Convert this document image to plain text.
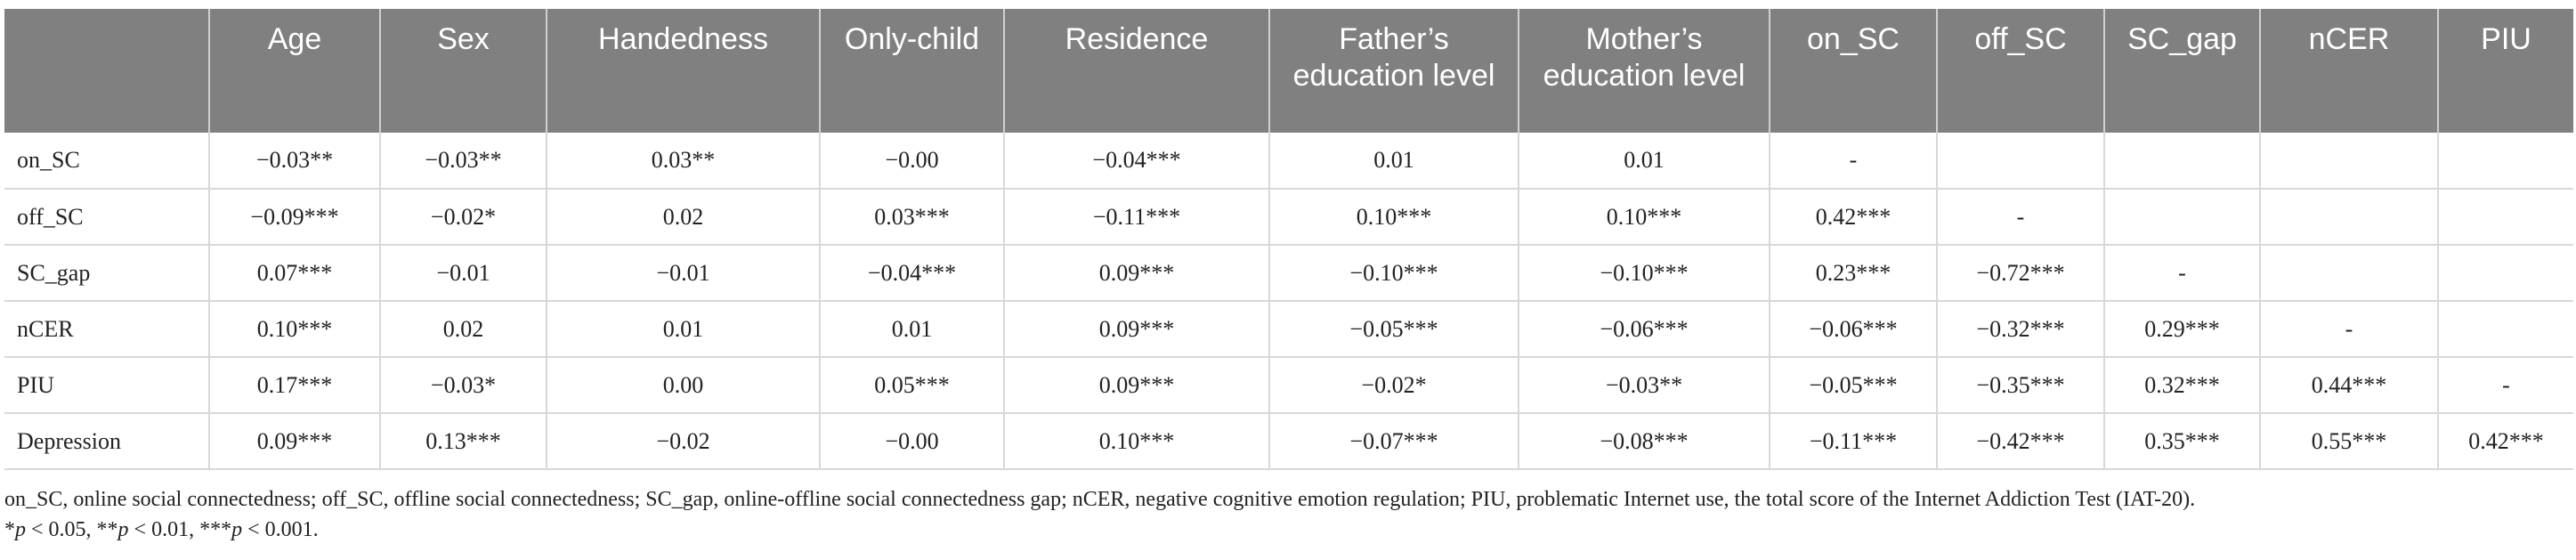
	Age	Sex	Handedness	Only-child	Residence	Father’s education level	Mother’s education level	on_SC	off_SC	SC_gap	nCER	PIU
on_SC	−0.03**	−0.03**	0.03**	−0.00	−0.04***	0.01	0.01	-				
off_SC	−0.09***	−0.02*	0.02	0.03***	−0.11***	0.10***	0.10***	0.42***	-			
SC_gap	0.07***	−0.01	−0.01	−0.04***	0.09***	−0.10***	−0.10***	0.23***	−0.72***	-		
nCER	0.10***	0.02	0.01	0.01	0.09***	−0.05***	−0.06***	−0.06***	−0.32***	0.29***	-	
PIU	0.17***	−0.03*	0.00	0.05***	0.09***	−0.02*	−0.03**	−0.05***	−0.35***	0.32***	0.44***	-
Depression	0.09***	0.13***	−0.02	−0.00	0.10***	−0.07***	−0.08***	−0.11***	−0.42***	0.35***	0.55***	0.42***

on_SC, online social connectedness; off_SC, offline social connectedness; SC_gap, online-offline social connectedness gap; nCER, negative cognitive emotion regulation; PIU, problematic Internet use, the total score of the Internet Addiction Test (IAT-20).

*p < 0.05, **p < 0.01, ***p < 0.001.
